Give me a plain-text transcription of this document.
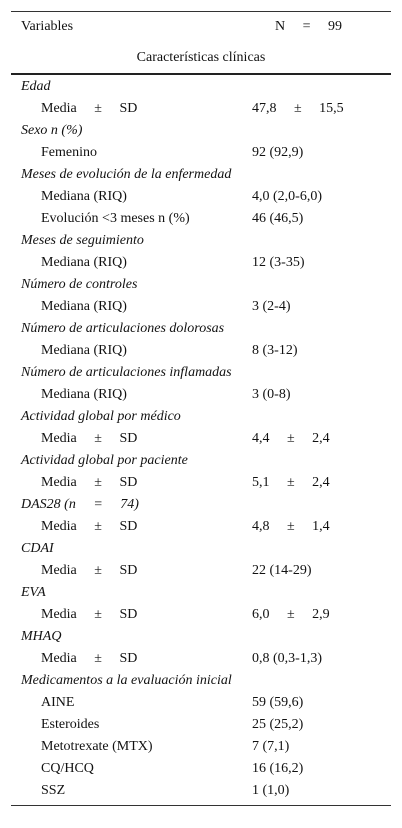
Variables	N     =     99
Características clínicas
Edad
Media     ±     SD	47,8     ±     15,5
Sexo n (%)
Femenino	92 (92,9)
Meses de evolución de la enfermedad
Mediana (RIQ)	4,0 (2,0-6,0)
Evolución <3 meses n (%)	46 (46,5)
Meses de seguimiento
Mediana (RIQ)	12 (3-35)
Número de controles
Mediana (RIQ)	3 (2-4)
Número de articulaciones dolorosas
Mediana (RIQ)	8 (3-12)
Número de articulaciones inflamadas
Mediana (RIQ)	3 (0-8)
Actividad global por médico
Media     ±     SD	4,4     ±     2,4
Actividad global por paciente
Media     ±     SD	5,1     ±     2,4
DAS28 (n     =     74)
Media     ±     SD	4,8     ±     1,4
CDAI
Media     ±     SD	22 (14-29)
EVA
Media     ±     SD	6,0     ±     2,9
MHAQ
Media     ±     SD	0,8 (0,3-1,3)
Medicamentos a la evaluación inicial
AINE	59 (59,6)
Esteroides	25 (25,2)
Metotrexate (MTX)	7 (7,1)
CQ/HCQ	16 (16,2)
SSZ	1 (1,0)
